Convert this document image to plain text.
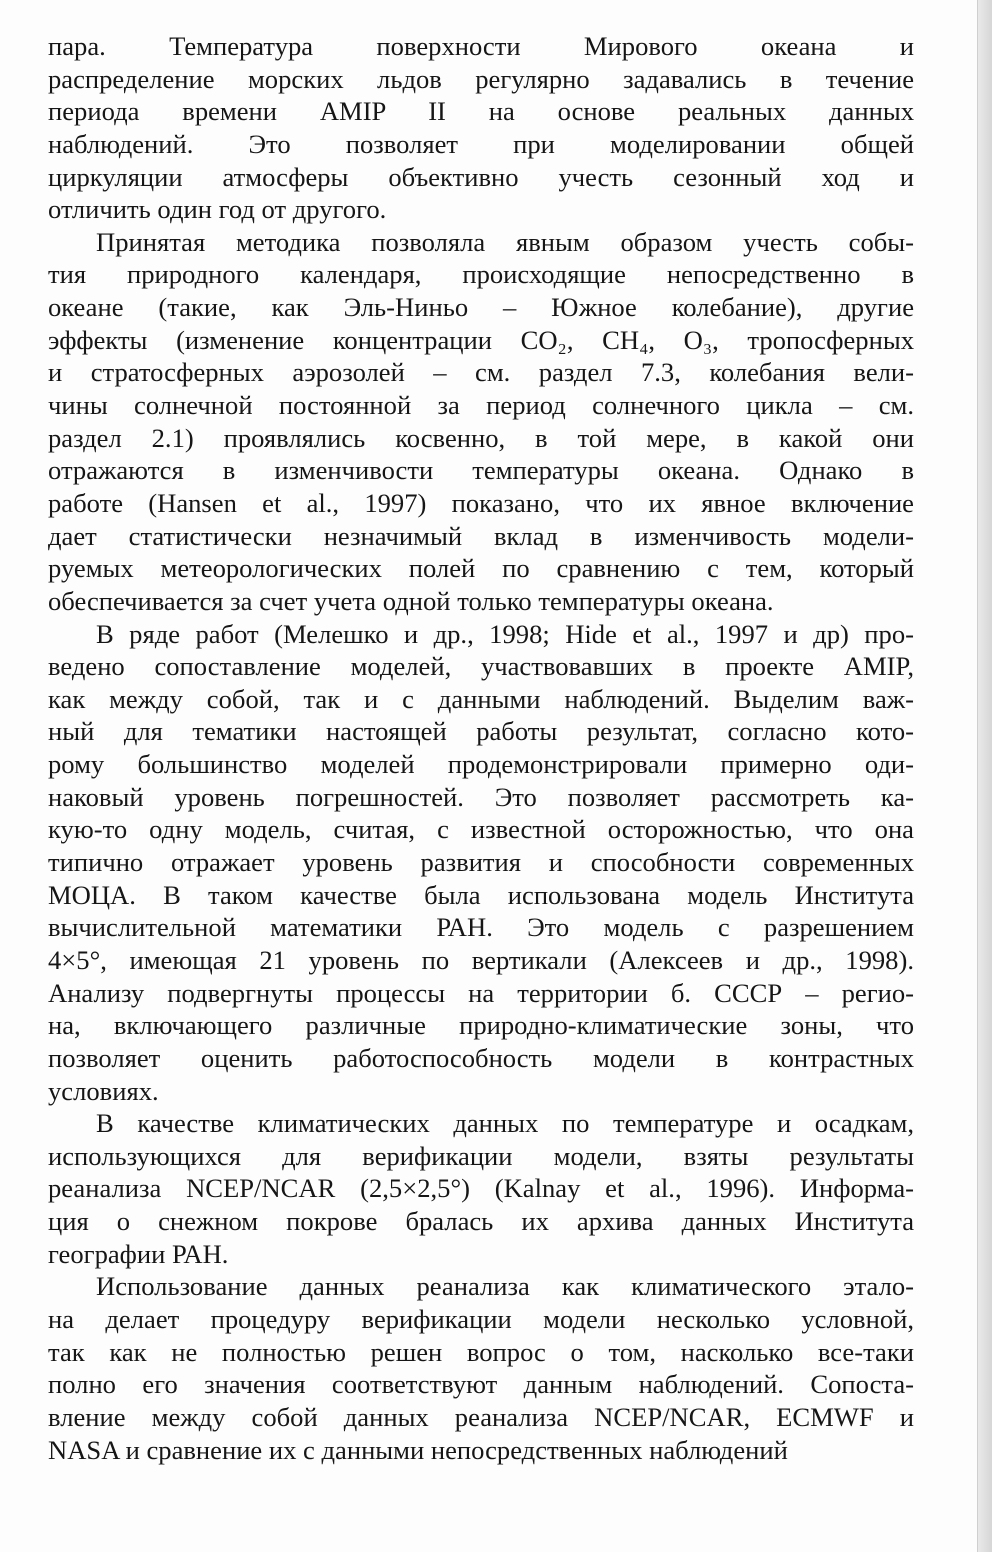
пара. Температура поверхности Мирового океана и
распределение морских льдов регулярно задавались в течение
периода времени AMIP II на основе реальных данных
наблюдений. Это позволяет при моделировании общей
циркуляции атмосферы объективно учесть сезонный ход и
отличить один год от другого.

Принятая методика позволяла явным образом учесть собы-
тия природного календаря, происходящие непосредственно в
океане (такие, как Эль-Ниньо – Южное колебание), другие
эффекты (изменение концентрации CO₂, CH₄, O₃, тропосферных
и стратосферных аэрозолей – см. раздел 7.3, колебания вели-
чины солнечной постоянной за период солнечного цикла – см.
раздел 2.1) проявлялись косвенно, в той мере, в какой они
отражаются в изменчивости температуры океана. Однако в
работе (Hansen et al., 1997) показано, что их явное включение
дает статистически незначимый вклад в изменчивость модели-
руемых метеорологических полей по сравнению с тем, который
обеспечивается за счет учета одной только температуры океана.

В ряде работ (Мелешко и др., 1998; Hide et al., 1997 и др) про-
ведено сопоставление моделей, участвовавших в проекте AMIP,
как между собой, так и с данными наблюдений. Выделим важ-
ный для тематики настоящей работы результат, согласно кото-
рому большинство моделей продемонстрировали примерно оди-
наковый уровень погрешностей. Это позволяет рассмотреть ка-
кую-то одну модель, считая, с известной осторожностью, что она
типично отражает уровень развития и способности современных
МОЦА. В таком качестве была использована модель Института
вычислительной математики РАН. Это модель с разрешением
4×5°, имеющая 21 уровень по вертикали (Алексеев и др., 1998).
Анализу подвергнуты процессы на территории б. СССР – регио-
на, включающего различные природно-климатические зоны, что
позволяет оценить работоспособность модели в контрастных
условиях.

В качестве климатических данных по температуре и осадкам,
использующихся для верификации модели, взяты результаты
реанализа NCEP/NCAR (2,5×2,5°) (Kalnay et al., 1996). Информа-
ция о снежном покрове бралась их архива данных Института
географии РАН.

Использование данных реанализа как климатического этало-
на делает процедуру верификации модели несколько условной,
так как не полностью решен вопрос о том, насколько все-таки
полно его значения соответствуют данным наблюдений. Сопоста-
вление между собой данных реанализа NCEP/NCAR, ECMWF и
NASA и сравнение их с данными непосредственных наблюдений
